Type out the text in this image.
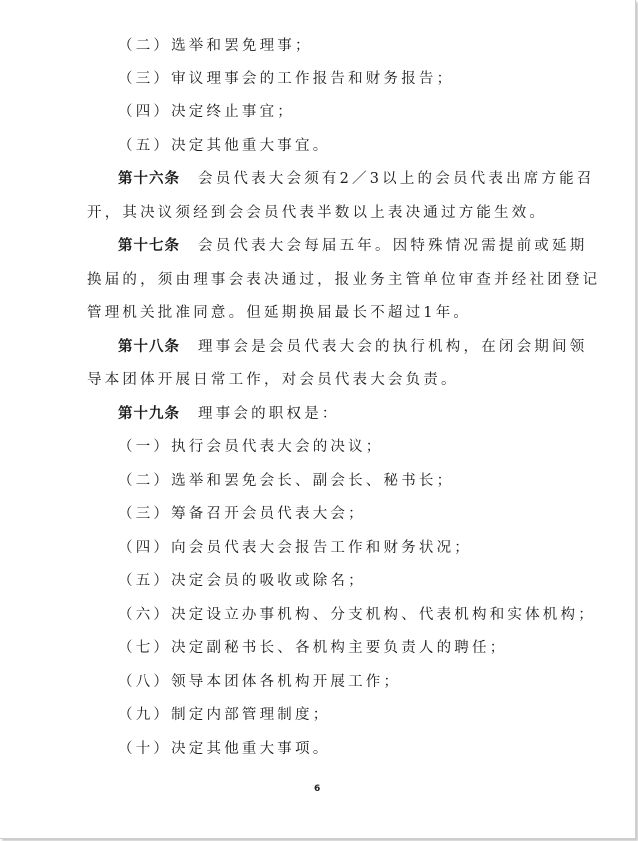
（二）选举和罢免理事；
（三）审议理事会的工作报告和财务报告；
（四）决定终止事宜；
（五）决定其他重大事宜。
第十六条 会员代表大会须有2／3以上的会员代表出席方能召
开，其决议须经到会会员代表半数以上表决通过方能生效。
第十七条 会员代表大会每届五年。因特殊情况需提前或延期
换届的，须由理事会表决通过，报业务主管单位审查并经社团登记
管理机关批准同意。但延期换届最长不超过1年。
第十八条 理事会是会员代表大会的执行机构，在闭会期间领
导本团体开展日常工作，对会员代表大会负责。
第十九条 理事会的职权是：
（一）执行会员代表大会的决议；
（二）选举和罢免会长、副会长、秘书长；
（三）筹备召开会员代表大会；
（四）向会员代表大会报告工作和财务状况；
（五）决定会员的吸收或除名；
（六）决定设立办事机构、分支机构、代表机构和实体机构；
（七）决定副秘书长、各机构主要负责人的聘任；
（八）领导本团体各机构开展工作；
（九）制定内部管理制度；
（十）决定其他重大事项。
6
